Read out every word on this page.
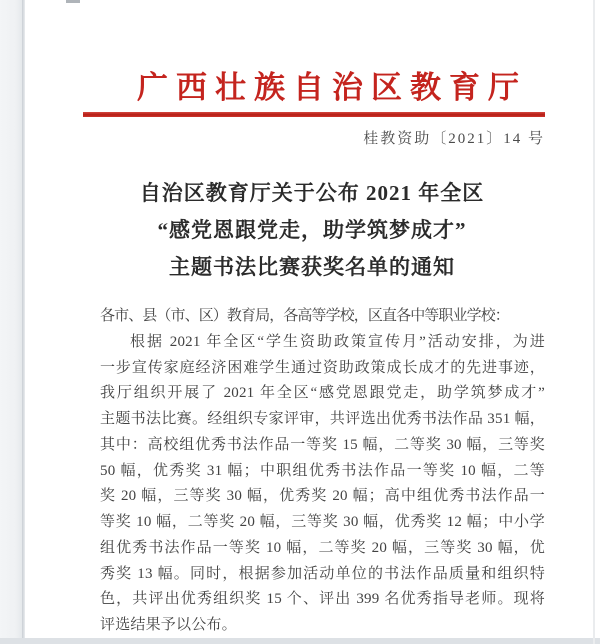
广西壮族自治区教育厅
桂教资助〔2021〕14 号
自治区教育厅关于公布 2021 年全区
“感党恩跟党走，助学筑梦成才”
主题书法比赛获奖名单的通知
各市、县（市、区）教育局，各高等学校，区直各中等职业学校：
根据 2021 年全区“学生资助政策宣传月”活动安排，为进
一步宣传家庭经济困难学生通过资助政策成长成才的先进事迹，
我厅组织开展了 2021 年全区“感党恩跟党走，助学筑梦成才”
主题书法比赛。经组织专家评审，共评选出优秀书法作品 351 幅，
其中：高校组优秀书法作品一等奖 15 幅，二等奖 30 幅，三等奖
50 幅，优秀奖 31 幅；中职组优秀书法作品一等奖 10 幅，二等
奖 20 幅，三等奖 30 幅，优秀奖 20 幅；高中组优秀书法作品一
等奖 10 幅，二等奖 20 幅，三等奖 30 幅，优秀奖 12 幅；中小学
组优秀书法作品一等奖 10 幅，二等奖 20 幅，三等奖 30 幅，优
秀奖 13 幅。同时，根据参加活动单位的书法作品质量和组织特
色，共评出优秀组织奖 15 个、评出 399 名优秀指导老师。现将
评选结果予以公布。
